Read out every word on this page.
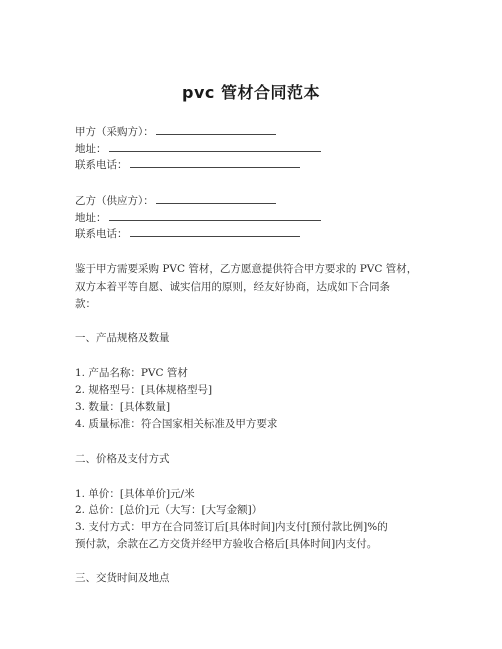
pvc 管材合同范本
甲方（采购方）：
地址：
联系电话：
乙方（供应方）：
地址：
联系电话：
鉴于甲方需要采购 PVC 管材，乙方愿意提供符合甲方要求的 PVC 管材，
双方本着平等自愿、诚实信用的原则，经友好协商，达成如下合同条
款：
一、产品规格及数量
1. 产品名称：PVC 管材
2. 规格型号：[具体规格型号]
3. 数量：[具体数量]
4. 质量标准：符合国家相关标准及甲方要求
二、价格及支付方式
1. 单价：[具体单价]元/米
2. 总价：[总价]元（大写：[大写金额]）
3. 支付方式：甲方在合同签订后[具体时间]内支付[预付款比例]%的
预付款，余款在乙方交货并经甲方验收合格后[具体时间]内支付。
三、交货时间及地点
